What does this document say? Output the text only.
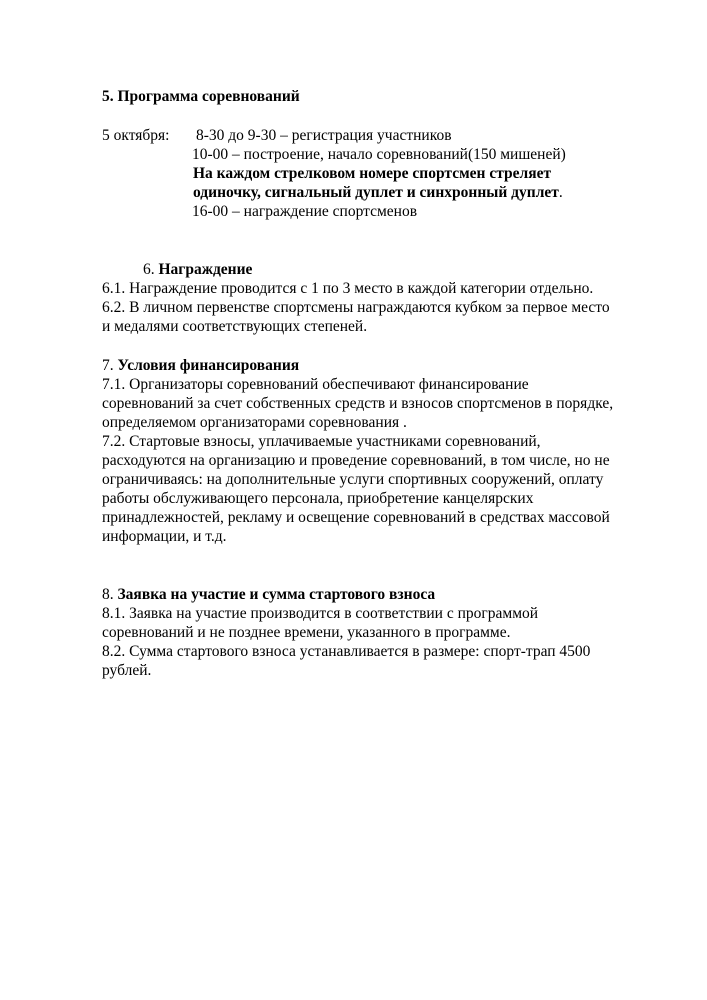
5. Программа соревнований
5 октября: 8-30 до 9-30 – регистрация участников
10-00 – построение, начало соревнований(150 мишеней)
На каждом стрелковом номере спортсмен стреляет
одиночку, сигнальный дуплет и синхронный дуплет.
16-00 – награждение спортсменов
6. Награждение
6.1. Награждение проводится с 1 по 3 место в каждой категории отдельно.
6.2. В личном первенстве спортсмены награждаются кубком за первое место
и медалями соответствующих степеней.
7. Условия финансирования
7.1. Организаторы соревнований обеспечивают финансирование
соревнований за счет собственных средств и взносов спортсменов в порядке,
определяемом организаторами соревнования .
7.2. Стартовые взносы, уплачиваемые участниками соревнований,
расходуются на организацию и проведение соревнований, в том числе, но не
ограничиваясь: на дополнительные услуги спортивных сооружений, оплату
работы обслуживающего персонала, приобретение канцелярских
принадлежностей, рекламу и освещение соревнований в средствах массовой
информации, и т.д.
8. Заявка на участие и сумма стартового взноса
8.1. Заявка на участие производится в соответствии с программой
соревнований и не позднее времени, указанного в программе.
8.2. Сумма стартового взноса устанавливается в размере: спорт-трап 4500
рублей.
